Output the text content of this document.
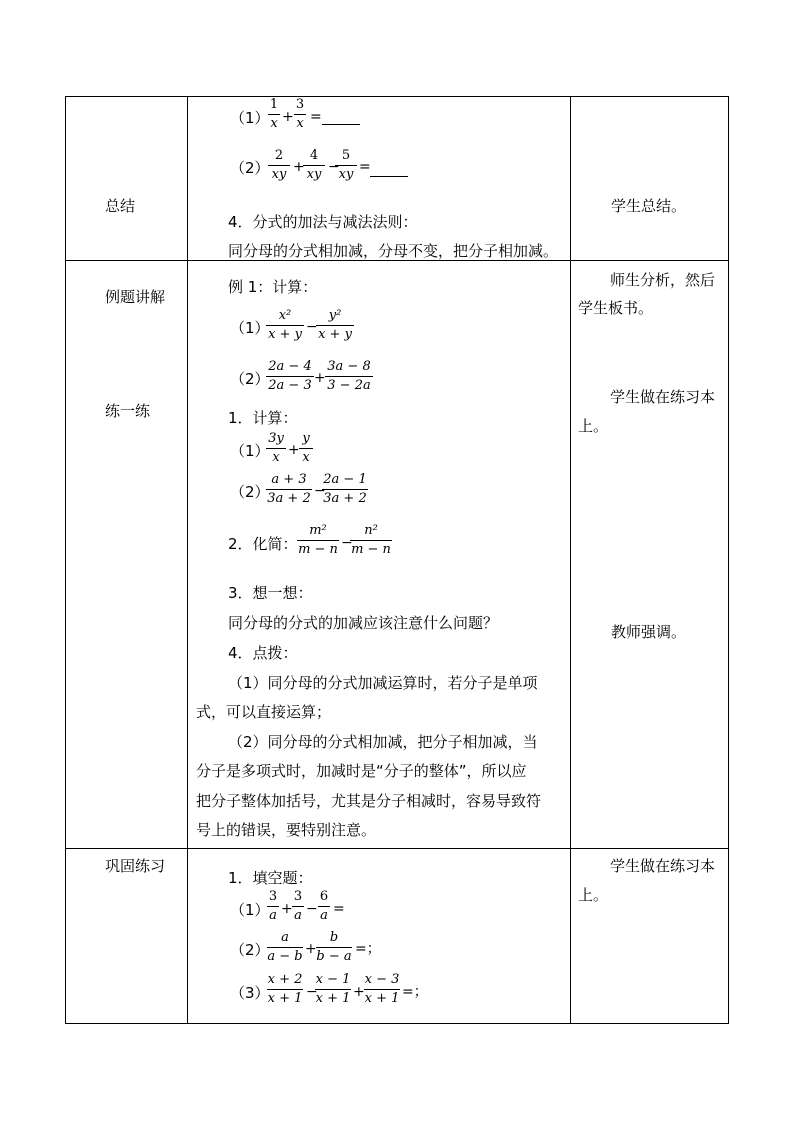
总结	学生总结。
（1）
1
x +
3
x =
（2）
2
xy +
4
xy −
5
xy =
4．分式的加法与减法法则：
同分母的分式相加减，分母不变，把分子相加减。
例题讲解
练一练
师生分析，然后
学生板书。
学生做在练习本
上。
教师强调。
例 1：计算：
（1）
x²
x + y −
y²
x + y
（2）
2a − 4
2a − 3 +
3a − 8
3 − 2a
1．计算：
（1）
3y
x +
y
x
（2）
a + 3
3a + 2 −
2a − 1
3a + 2
2．化简：
m²
m − n −
n²
m − n
3．想一想：
同分母的分式的加减应该注意什么问题？
4．点拨：
（1）同分母的分式加减运算时，若分子是单项
式，可以直接运算；
（2）同分母的分式相加减，把分子相加减，当
分子是多项式时，加减时是“分子的整体”，所以应
把分子整体加括号，尤其是分子相减时，容易导致符
号上的错误，要特别注意。
巩固练习	学生做在练习本
上。
1．填空题：
（1）
3
a +
3
a −
6
a =
（2）
a
a − b +
b
b − a =；
（3）
x + 2
x + 1 −
x − 1
x + 1 +
x − 3
x + 1 =；
